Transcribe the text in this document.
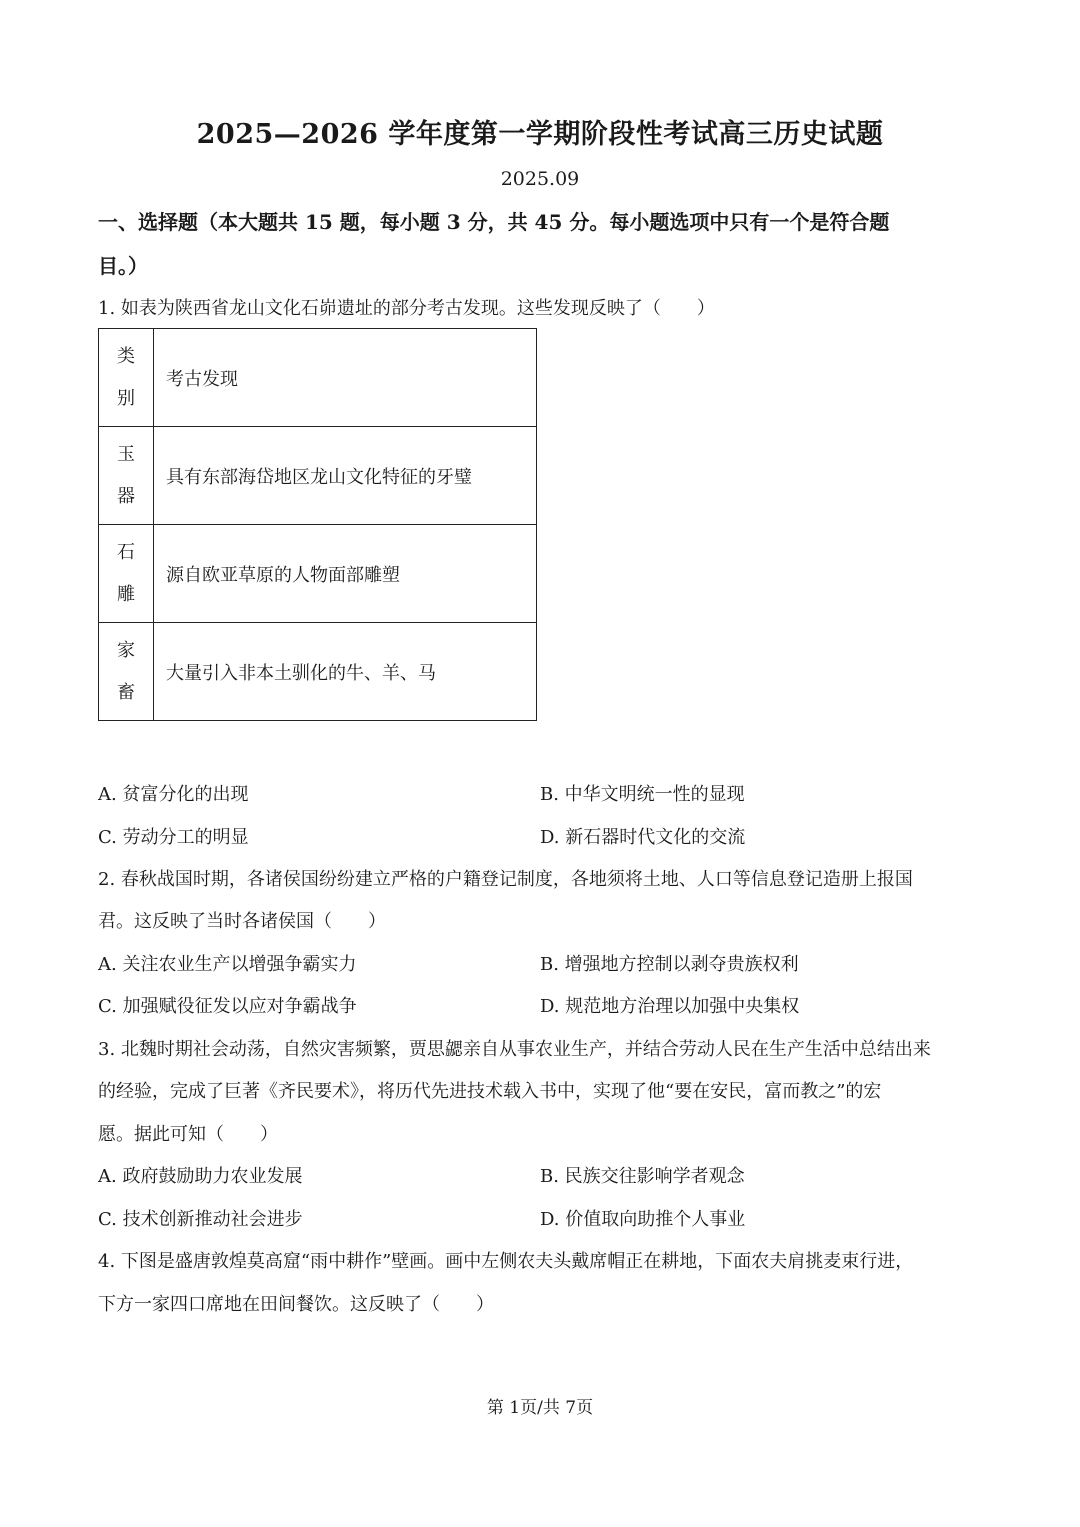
2025—2026 学年度第一学期阶段性考试高三历史试题
2025.09
一、选择题（本大题共 15 题，每小题 3 分，共 45 分。每小题选项中只有一个是符合题
目。）
1. 如表为陕西省龙山文化石峁遗址的部分考古发现。这些发现反映了（　　）
类
别	考古发现

玉
器	具有东部海岱地区龙山文化特征的牙璧

石
雕	源自欧亚草原的人物面部雕塑

家
畜	大量引入非本土驯化的牛、羊、马
A. 贫富分化的出现	B. 中华文明统一性的显现
C. 劳动分工的明显	D. 新石器时代文化的交流
2. 春秋战国时期，各诸侯国纷纷建立严格的户籍登记制度，各地须将土地、人口等信息登记造册上报国
君。这反映了当时各诸侯国（　　）
A. 关注农业生产以增强争霸实力	B. 增强地方控制以剥夺贵族权利
C. 加强赋役征发以应对争霸战争	D. 规范地方治理以加强中央集权
3. 北魏时期社会动荡，自然灾害频繁，贾思勰亲自从事农业生产，并结合劳动人民在生产生活中总结出来
的经验，完成了巨著《齐民要术》，将历代先进技术载入书中，实现了他“要在安民，富而教之”的宏
愿。据此可知（　　）
A. 政府鼓励助力农业发展	B. 民族交往影响学者观念
C. 技术创新推动社会进步	D. 价值取向助推个人事业
4. 下图是盛唐敦煌莫高窟“雨中耕作”壁画。画中左侧农夫头戴席帽正在耕地，下面农夫肩挑麦束行进，
下方一家四口席地在田间餐饮。这反映了（　　）
第 1页/共 7页
